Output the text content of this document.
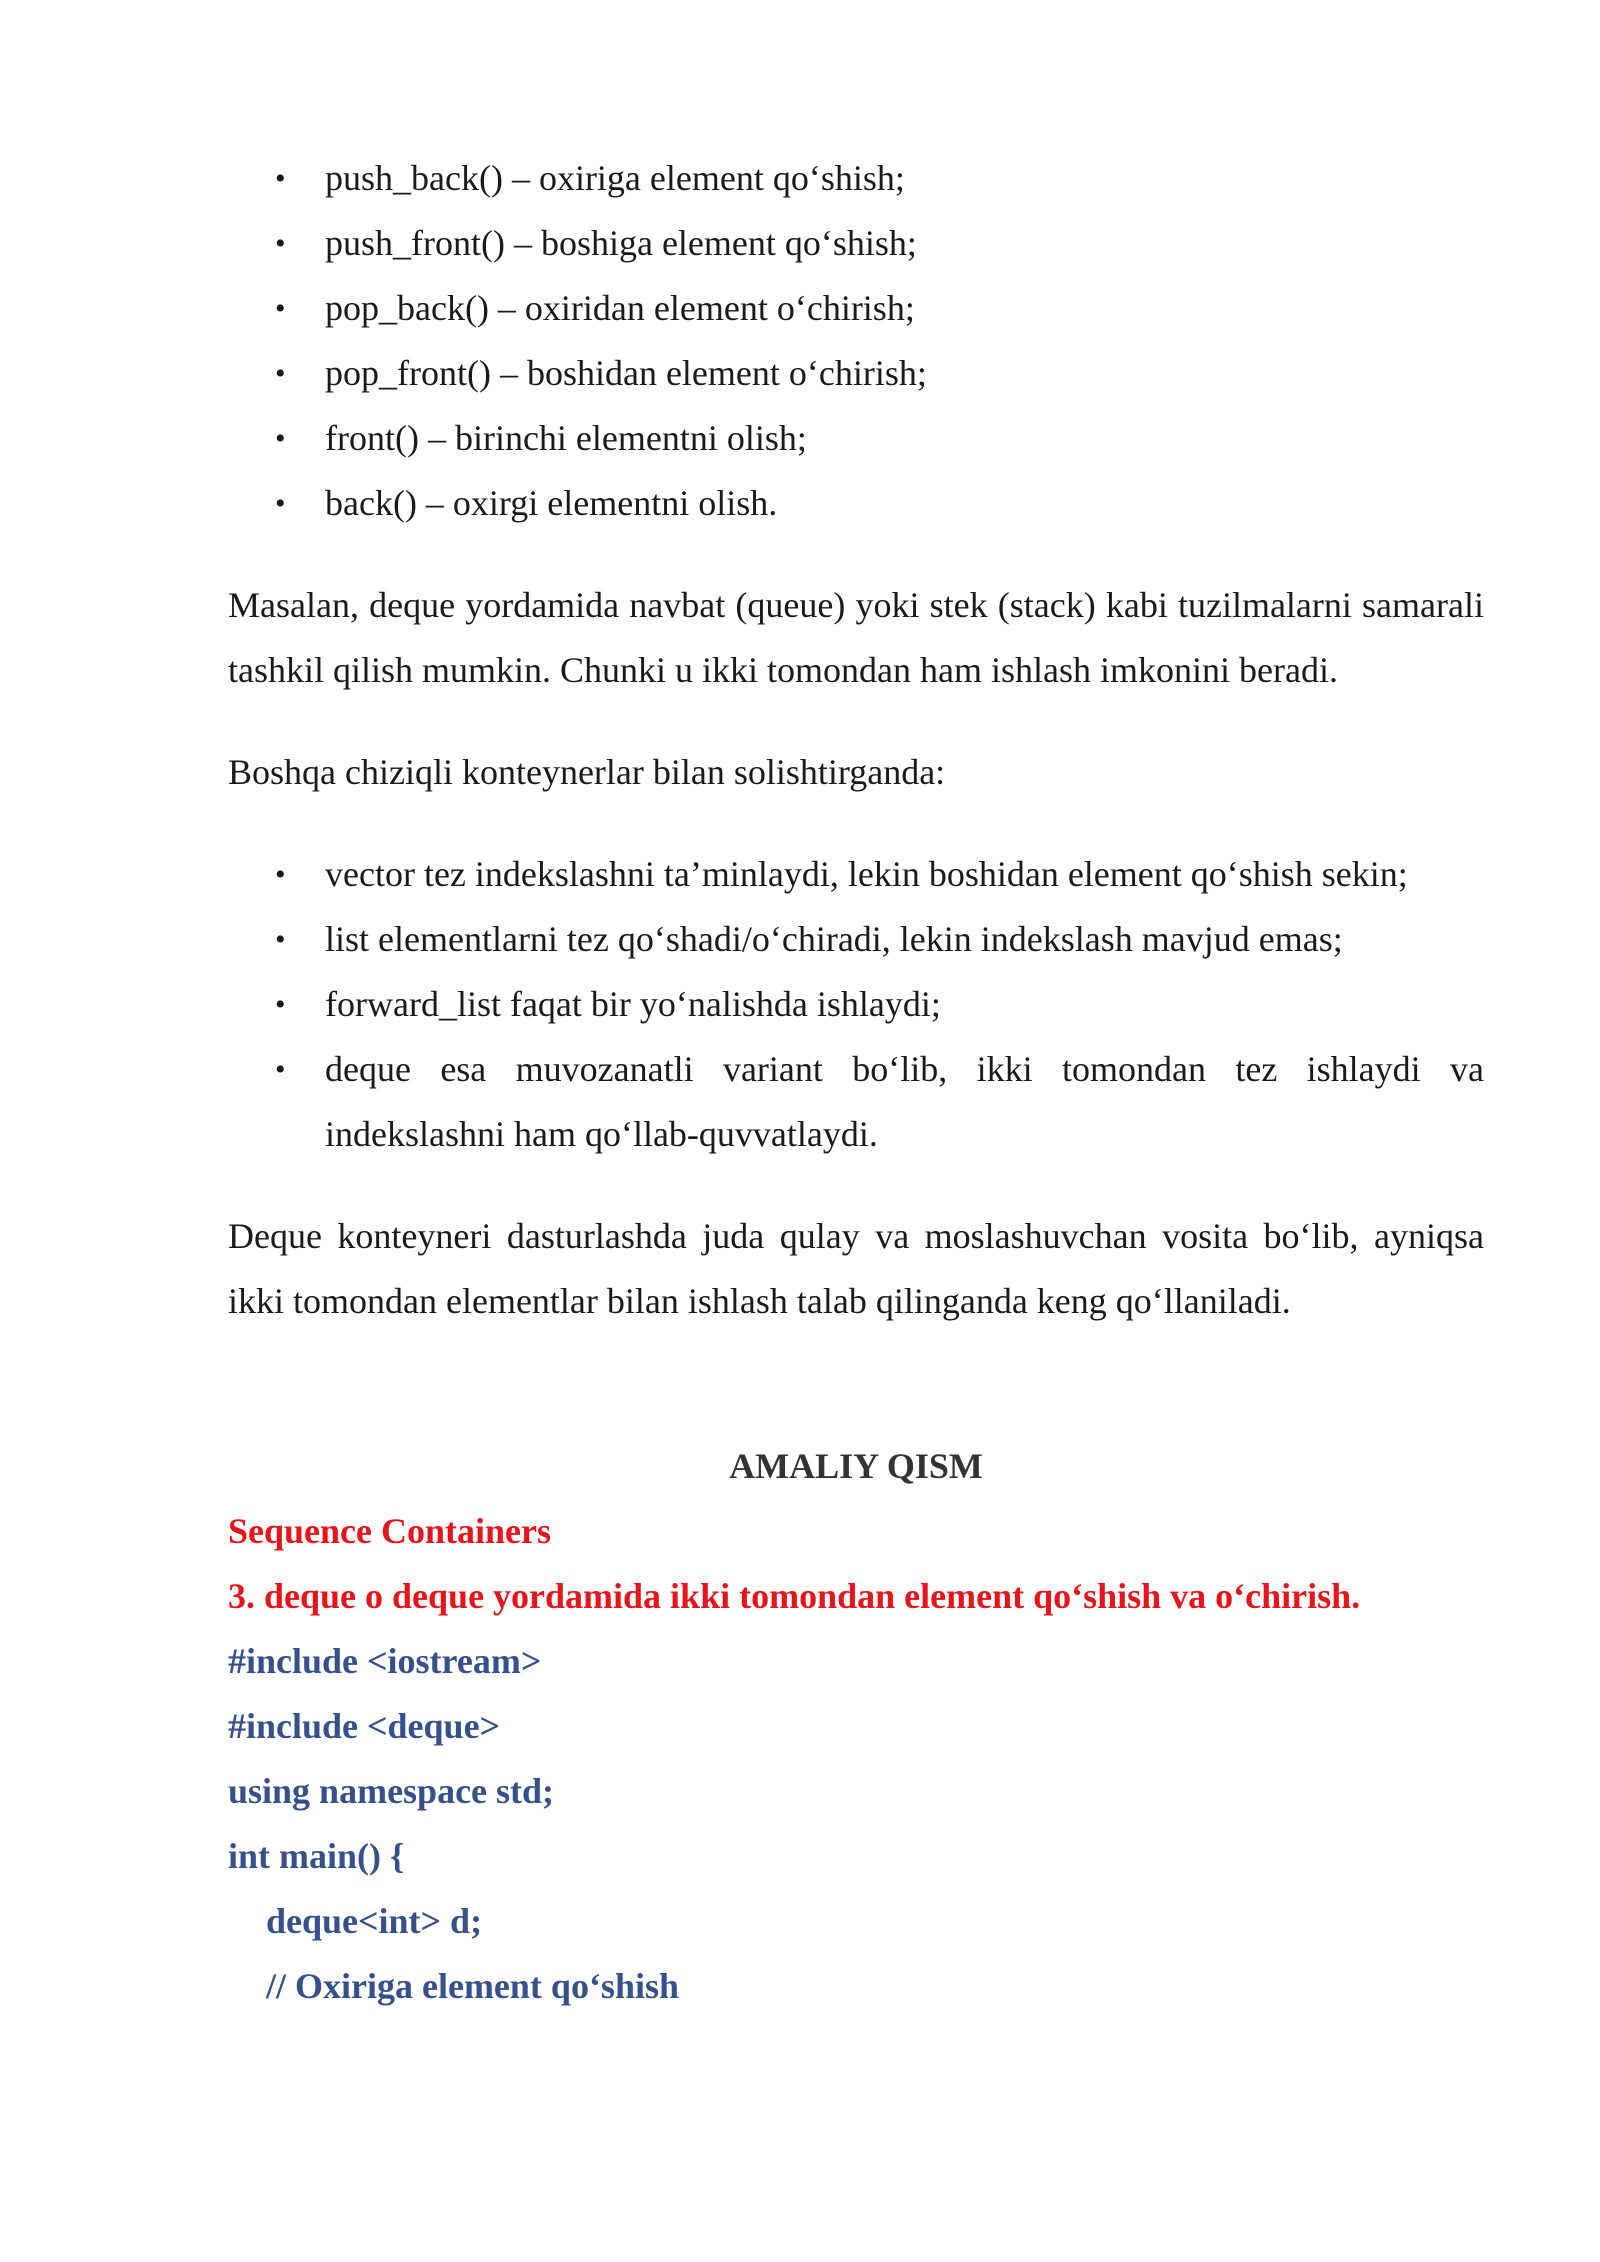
• push_back() – oxiriga element qo‘shish;
• push_front() – boshiga element qo‘shish;
• pop_back() – oxiridan element o‘chirish;
• pop_front() – boshidan element o‘chirish;
• front() – birinchi elementni olish;
• back() – oxirgi elementni olish.

Masalan, deque yordamida navbat (queue) yoki stek (stack) kabi tuzilmalarni samarali tashkil qilish mumkin. Chunki u ikki tomondan ham ishlash imkonini beradi.

Boshqa chiziqli konteynerlar bilan solishtirganda:

• vector tez indekslashni ta’minlaydi, lekin boshidan element qo‘shish sekin;
• list elementlarni tez qo‘shadi/o‘chiradi, lekin indekslash mavjud emas;
• forward_list faqat bir yo‘nalishda ishlaydi;
• deque esa muvozanatli variant bo‘lib, ikki tomondan tez ishlaydi va indekslashni ham qo‘llab-quvvatlaydi.

Deque konteyneri dasturlashda juda qulay va moslashuvchan vosita bo‘lib, ayniqsa ikki tomondan elementlar bilan ishlash talab qilinganda keng qo‘llaniladi.

AMALIY QISM
Sequence Containers
3. deque o deque yordamida ikki tomondan element qo‘shish va o‘chirish.
#include <iostream>
#include <deque>
using namespace std;
int main() {
deque<int> d;
// Oxiriga element qo‘shish
